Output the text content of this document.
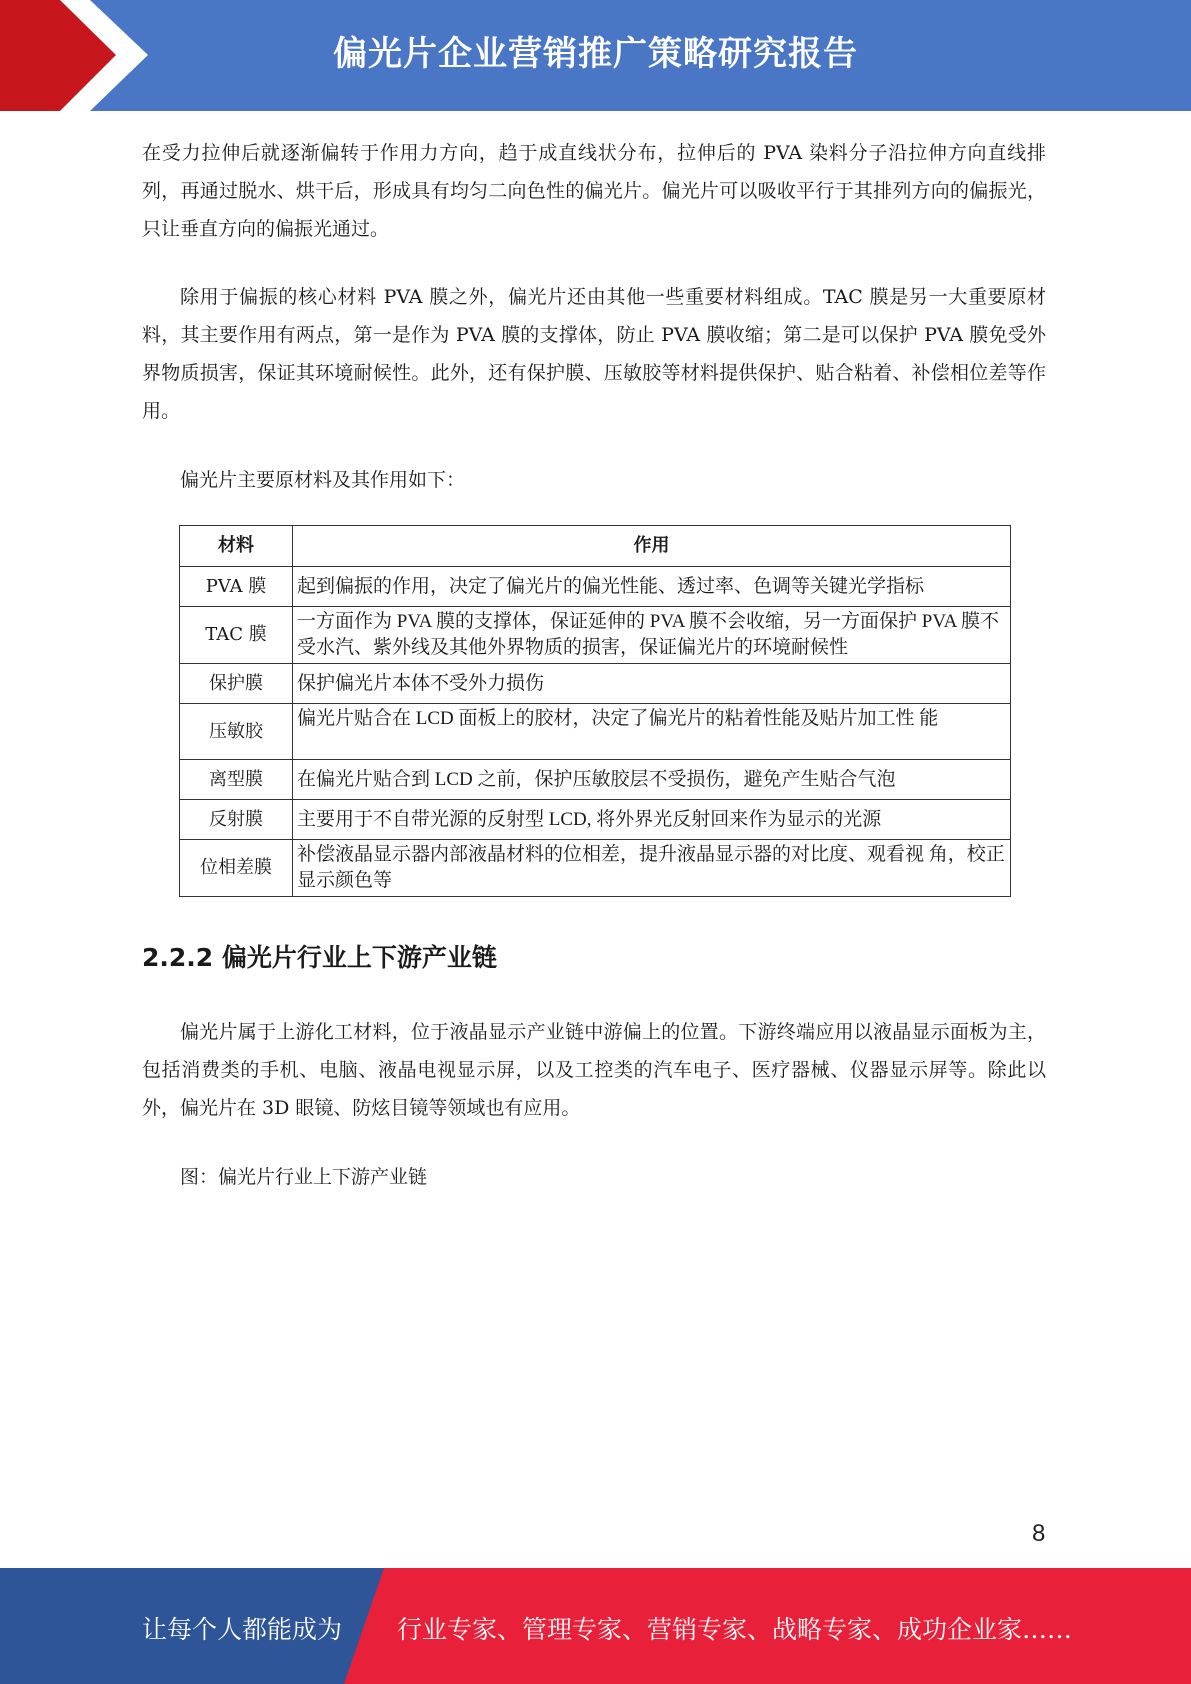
偏光片企业营销推广策略研究报告

在受力拉伸后就逐渐偏转于作用力方向，趋于成直线状分布，拉伸后的 PVA 染料分子沿拉伸方向直线排列，再通过脱水、烘干后，形成具有均匀二向色性的偏光片。偏光片可以吸收平行于其排列方向的偏振光，只让垂直方向的偏振光通过。

除用于偏振的核心材料 PVA 膜之外，偏光片还由其他一些重要材料组成。TAC 膜是另一大重要原材料，其主要作用有两点，第一是作为 PVA 膜的支撑体，防止 PVA 膜收缩；第二是可以保护 PVA 膜免受外界物质损害，保证其环境耐候性。此外，还有保护膜、压敏胶等材料提供保护、贴合粘着、补偿相位差等作用。

偏光片主要原材料及其作用如下：

材料	作用
PVA 膜	起到偏振的作用，决定了偏光片的偏光性能、透过率、色调等关键光学指标
TAC 膜	一方面作为 PVA 膜的支撑体，保证延伸的 PVA 膜不会收缩，另一方面保护 PVA 膜不受水汽、紫外线及其他外界物质的损害，保证偏光片的环境耐候性
保护膜	保护偏光片本体不受外力损伤
压敏胶	偏光片贴合在 LCD 面板上的胶材，决定了偏光片的粘着性能及贴片加工性 能
离型膜	在偏光片贴合到 LCD 之前，保护压敏胶层不受损伤，避免产生贴合气泡
反射膜	主要用于不自带光源的反射型 LCD, 将外界光反射回来作为显示的光源
位相差膜	补偿液晶显示器内部液晶材料的位相差，提升液晶显示器的对比度、观看视 角，校正显示颜色等
2.2.2 偏光片行业上下游产业链

偏光片属于上游化工材料，位于液晶显示产业链中游偏上的位置。下游终端应用以液晶显示面板为主，包括消费类的手机、电脑、液晶电视显示屏，以及工控类的汽车电子、医疗器械、仪器显示屏等。除此以外，偏光片在 3D 眼镜、防炫目镜等领域也有应用。

图：偏光片行业上下游产业链

8
让每个人都能成为 行业专家、管理专家、营销专家、战略专家、成功企业家……
